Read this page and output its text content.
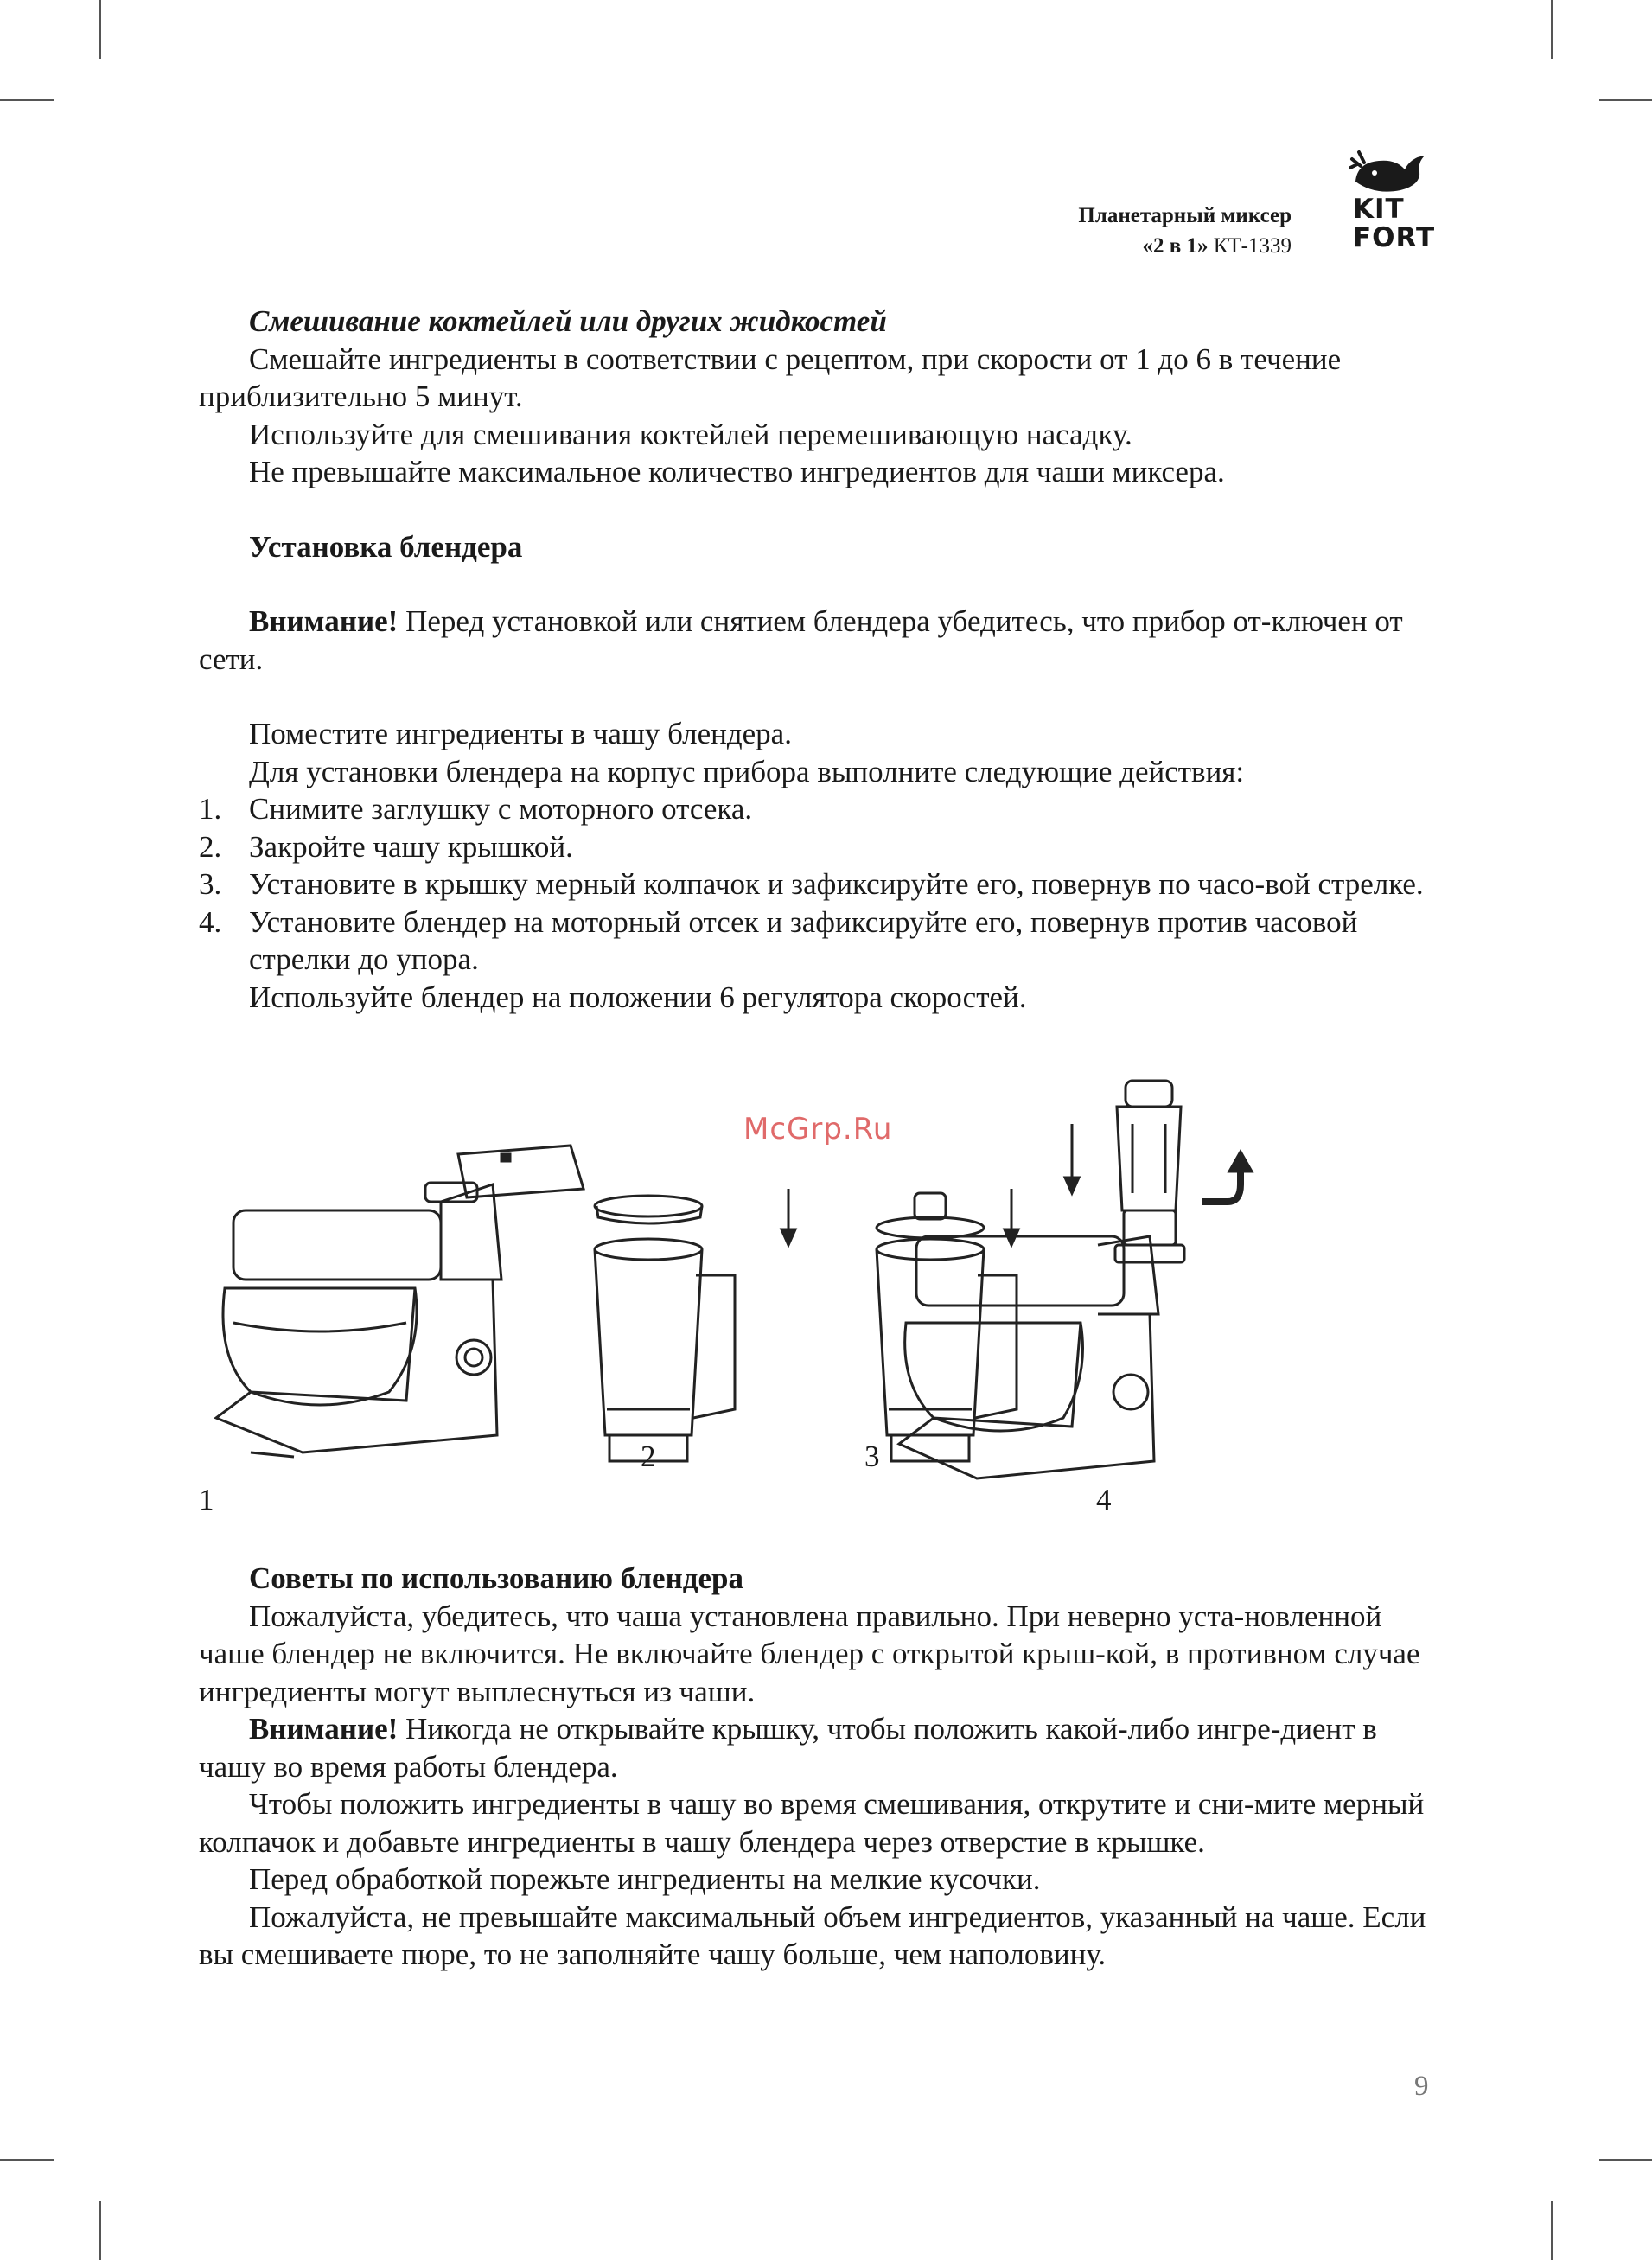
Планетарный миксер
«2 в 1» КТ-1339
KIT
FORT

Смешивание коктейлей или других жидкостей

Смешайте ингредиенты в соответствии с рецептом, при скорости от 1 до 6 в течение приблизительно 5 минут.

Используйте для смешивания коктейлей перемешивающую насадку.

Не превышайте максимальное количество ингредиентов для чаши миксера.

Установка блендера

Внимание! Перед установкой или снятием блендера убедитесь, что прибор от-ключен от сети.

Поместите ингредиенты в чашу блендера.

Для установки блендера на корпус прибора выполните следующие действия:

1. Снимите заглушку с моторного отсека.
2. Закройте чашу крышкой.
3. Установите в крышку мерный колпачок и зафиксируйте его, повернув по часо-вой стрелке.
4. Установите блендер на моторный отсек и зафиксируйте его, повернув против часовой стрелки до упора.

Используйте блендер на положении 6 регулятора скоростей.

McGrp.Ru
1
2	3
4

Советы по использованию блендера

Пожалуйста, убедитесь, что чаша установлена правильно. При неверно уста-новленной чаше блендер не включится. Не включайте блендер с открытой крыш-кой, в противном случае ингредиенты могут выплеснуться из чаши.

Внимание! Никогда не открывайте крышку, чтобы положить какой-либо ингре-диент в чашу во время работы блендера.

Чтобы положить ингредиенты в чашу во время смешивания, открутите и сни-мите мерный колпачок и добавьте ингредиенты в чашу блендера через отверстие в крышке.

Перед обработкой порежьте ингредиенты на мелкие кусочки.

Пожалуйста, не превышайте максимальный объем ингредиентов, указанный на чаше. Если вы смешиваете пюре, то не заполняйте чашу больше, чем наполовину.

9
